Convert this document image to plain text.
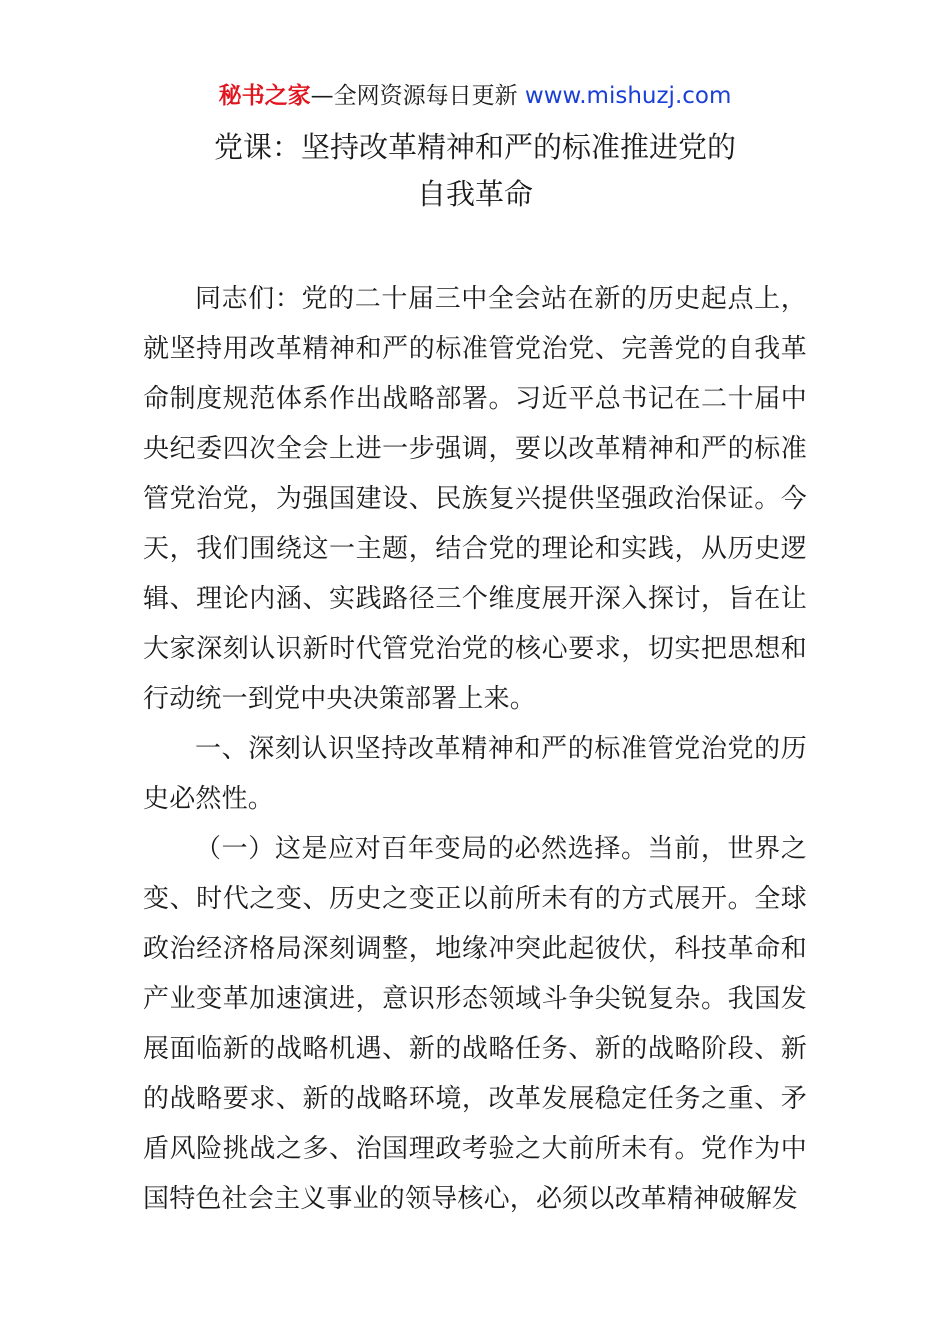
秘书之家—全网资源每日更新 www.mishuzj.com
党课：坚持改革精神和严的标准推进党的
自我革命

同志们：党的二十届三中全会站在新的历史起点上，就坚持用改革精神和严的标准管党治党、完善党的自我革命制度规范体系作出战略部署。习近平总书记在二十届中央纪委四次全会上进一步强调，要以改革精神和严的标准管党治党，为强国建设、民族复兴提供坚强政治保证。今天，我们围绕这一主题，结合党的理论和实践，从历史逻辑、理论内涵、实践路径三个维度展开深入探讨，旨在让大家深刻认识新时代管党治党的核心要求，切实把思想和行动统一到党中央决策部署上来。

一、深刻认识坚持改革精神和严的标准管党治党的历史必然性。

（一）这是应对百年变局的必然选择。当前，世界之变、时代之变、历史之变正以前所未有的方式展开。全球政治经济格局深刻调整，地缘冲突此起彼伏，科技革命和产业变革加速演进，意识形态领域斗争尖锐复杂。我国发展面临新的战略机遇、新的战略任务、新的战略阶段、新的战略要求、新的战略环境，改革发展稳定任务之重、矛盾风险挑战之多、治国理政考验之大前所未有。党作为中国特色社会主义事业的领导核心，必须以改革精神破解发
